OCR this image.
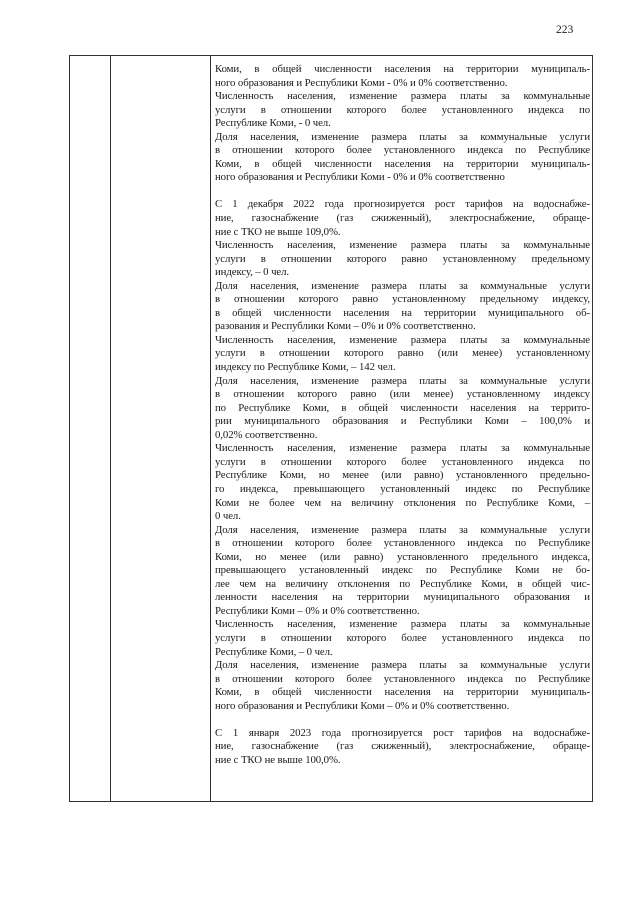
223
Коми, в общей численности населения на территории муниципаль-
ного образования и Республики Коми - 0% и 0% соответственно.
Численность населения, изменение размера платы за коммунальные
услуги в отношении которого более установленного индекса по
Республике Коми, - 0 чел.
Доля населения, изменение размера платы за коммунальные услуги
в отношении которого более установленного индекса по Республике
Коми, в общей численности населения на территории муниципаль-
ного образования и Республики Коми - 0% и 0% соответственно
С 1 декабря 2022 года прогнозируется рост тарифов на водоснабже-
ние, газоснабжение (газ сжиженный), электроснабжение, обраще-
ние с ТКО не выше 109,0%.
Численность населения, изменение размера платы за коммунальные
услуги в отношении которого равно установленному предельному
индексу, – 0 чел.
Доля населения, изменение размера платы за коммунальные услуги
в отношении которого равно установленному предельному индексу,
в общей численности населения на территории муниципального об-
разования и Республики Коми – 0% и 0% соответственно.
Численность населения, изменение размера платы за коммунальные
услуги в отношении которого равно (или менее) установленному
индексу по Республике Коми, – 142 чел.
Доля населения, изменение размера платы за коммунальные услуги
в отношении которого равно (или менее) установленному индексу
по Республике Коми, в общей численности населения на террито-
рии муниципального образования и Республики Коми – 100,0% и
0,02% соответственно.
Численность населения, изменение размера платы за коммунальные
услуги в отношении которого более установленного индекса по
Республике Коми, но менее (или равно) установленного предельно-
го индекса, превышающего установленный индекс по Республике
Коми не более чем на величину отклонения по Республике Коми, –
0 чел.
Доля населения, изменение размера платы за коммунальные услуги
в отношении которого более установленного индекса по Республике
Коми, но менее (или равно) установленного предельного индекса,
превышающего установленный индекс по Республике Коми не бо-
лее чем на величину отклонения по Республике Коми, в общей чис-
ленности населения на территории муниципального образования и
Республики Коми – 0% и 0% соответственно.
Численность населения, изменение размера платы за коммунальные
услуги в отношении которого более установленного индекса по
Республике Коми, – 0 чел.
Доля населения, изменение размера платы за коммунальные услуги
в отношении которого более установленного индекса по Республике
Коми, в общей численности населения на территории муниципаль-
ного образования и Республики Коми – 0% и 0% соответственно.
С 1 января 2023 года прогнозируется рост тарифов на водоснабже-
ние, газоснабжение (газ сжиженный), электроснабжение, обраще-
ние с ТКО не выше 100,0%.
